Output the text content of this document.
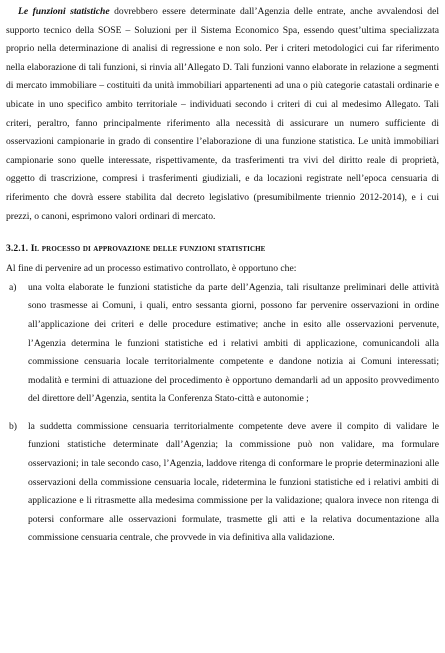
Le funzioni statistiche dovrebbero essere determinate dall’Agenzia delle entrate, anche avvalendosi del supporto tecnico della SOSE – Soluzioni per il Sistema Economico Spa, essendo quest’ultima specializzata proprio nella determinazione di analisi di regressione e non solo. Per i criteri metodologici cui far riferimento nella elaborazione di tali funzioni, si rinvia all’Allegato D. Tali funzioni vanno elaborate in relazione a segmenti di mercato immobiliare – costituiti da unità immobiliari appartenenti ad una o più categorie catastali ordinarie e ubicate in uno specifico ambito territoriale – individuati secondo i criteri di cui al medesimo Allegato. Tali criteri, peraltro, fanno principalmente riferimento alla necessità di assicurare un numero sufficiente di osservazioni campionarie in grado di consentire l’elaborazione di una funzione statistica. Le unità immobiliari campionarie sono quelle interessate, rispettivamente, da trasferimenti tra vivi del diritto reale di proprietà, oggetto di trascrizione, compresi i trasferimenti giudiziali, e da locazioni registrate nell’epoca censuaria di riferimento che dovrà essere stabilita dal decreto legislativo (presumibilmente triennio 2012-2014), e i cui prezzi, o canoni, esprimono valori ordinari di mercato.

3.2.1. Il processo di approvazione delle funzioni statistiche

Al fine di pervenire ad un processo estimativo controllato, è opportuno che:

a)	una volta elaborate le funzioni statistiche da parte dell’Agenzia, tali risultanze preliminari delle attività sono trasmesse ai Comuni, i quali, entro sessanta giorni, possono far pervenire osservazioni in ordine all’applicazione dei criteri e delle procedure estimative; anche in esito alle osservazioni pervenute, l’Agenzia determina le funzioni statistiche ed i relativi ambiti di applicazione, comunicandoli alla commissione censuaria locale territorialmente competente e dandone notizia ai Comuni interessati; modalità e termini di attuazione del procedimento è opportuno demandarli ad un apposito provvedimento del direttore dell’Agenzia, sentita la Conferenza Stato-città e autonomie ;

b)	la suddetta commissione censuaria territorialmente competente deve avere il compito di validare le funzioni statistiche determinate dall’Agenzia; la commissione può non validare, ma formulare osservazioni; in tale secondo caso, l’Agenzia, laddove ritenga di conformare le proprie determinazioni alle osservazioni della commissione censuaria locale, ridetermina le funzioni statistiche ed i relativi ambiti di applicazione e li ritrasmette alla medesima commissione per la validazione; qualora invece non ritenga di potersi conformare alle osservazioni formulate, trasmette gli atti e la relativa documentazione alla commissione censuaria centrale, che provvede in via definitiva alla validazione.
